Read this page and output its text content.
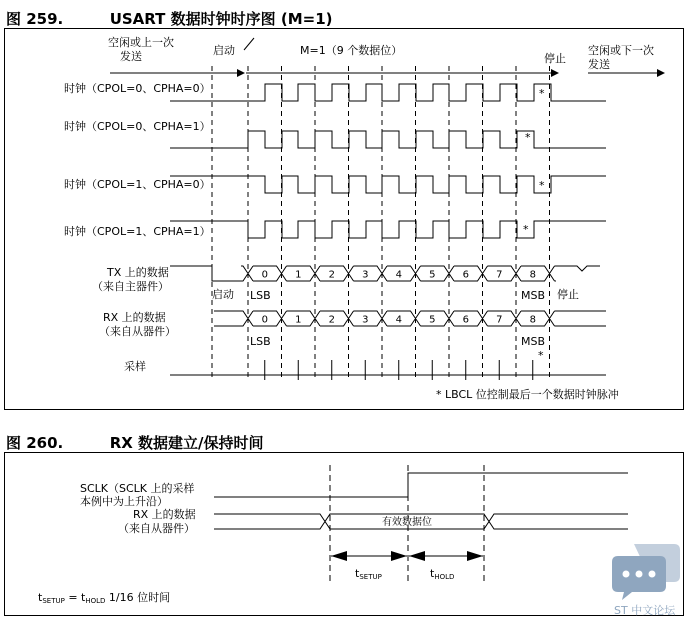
图 259.	USART 数据时钟时序图 (M=1)
图 260.	RX 数据建立/保持时间
空闲或上一次
发送	启动	M=1（9 个数据位）
停止
空闲或下一次
发送
时钟（CPOL=0、CPHA=0）
时钟（CPOL=0、CPHA=1）
时钟（CPOL=1、CPHA=0）
时钟（CPOL=1、CPHA=1）
*
*
*
*
TX 上的数据
（来自主器件）
0	1	2	3	4	5	6	7	8
启动 LSB	MSB 停止
RX 上的数据
（来自从器件）
0	1	2	3	4	5	6	7	8
LSB	MSB
*
采样
* LBCL 位控制最后一个数据时钟脉冲
SCLK（SCLK 上的采样
本例中为上升沿）
RX 上的数据
（来自从器件）	有效数据位
tSETUP	tHOLD
tSETUP = tHOLD 1/16 位时间
ST 中文论坛
